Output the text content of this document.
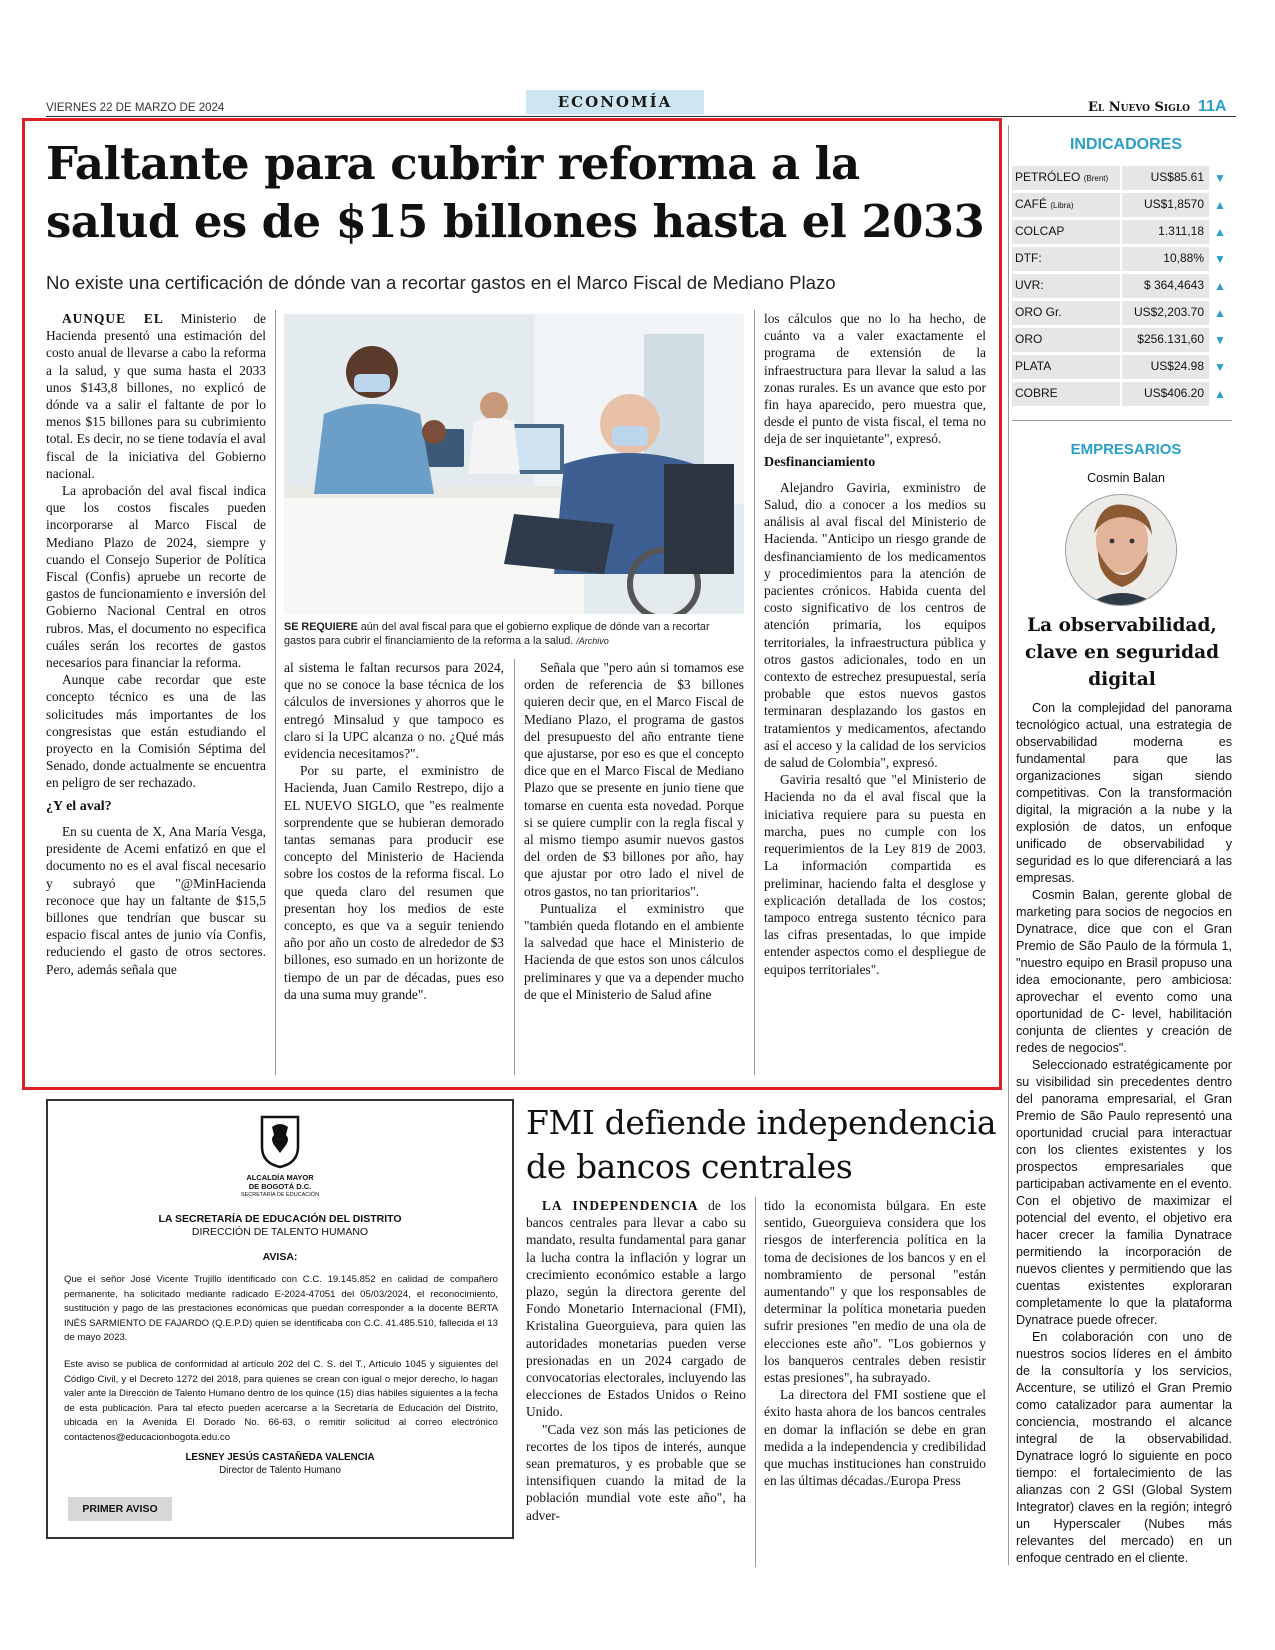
VIERNES 22 DE MARZO DE 2024	ECONOMÍA	El Nuevo Siglo 11A
Faltante para cubrir reforma a la
salud es de $15 billones hasta el 2033
No existe una certificación de dónde van a recortar gastos en el Marco Fiscal de Mediano Plazo

AUNQUE EL Ministerio de Hacienda presentó una estimación del costo anual de llevarse a cabo la reforma a la salud, y que suma hasta el 2033 unos $143,8 billones, no explicó de dónde va a salir el faltante de por lo menos $15 billones para su cubrimiento total. Es decir, no se tiene todavía el aval fiscal de la iniciativa del Gobierno nacional.

La aprobación del aval fiscal indica que los costos fiscales pueden incorporarse al Marco Fiscal de Mediano Plazo de 2024, siempre y cuando el Consejo Superior de Política Fiscal (Confis) apruebe un recorte de gastos de funcionamiento e inversión del Gobierno Nacional Central en otros rubros. Mas, el documento no especifica cuáles serán los recortes de gastos necesarios para financiar la reforma.

Aunque cabe recordar que este concepto técnico es una de las solicitudes más importantes de los congresistas que están estudiando el proyecto en la Comisión Séptima del Senado, donde actualmente se encuentra en peligro de ser rechazado.

¿Y el aval?

En su cuenta de X, Ana María Vesga, presidente de Acemi enfatizó en que el documento no es el aval fiscal necesario y subrayó que "@MinHacienda reconoce que hay un faltante de $15,5 billones que tendrían que buscar su espacio fiscal antes de junio vía Confis, reduciendo el gasto de otros sectores. Pero, además señala que

SE REQUIERE aún del aval fiscal para que el gobierno explique de dónde van a recortar gastos para cubrir el financiamiento de la reforma a la salud. /Archivo

al sistema le faltan recursos para 2024, que no se conoce la base técnica de los cálculos de inversiones y ahorros que le entregó Minsalud y que tampoco es claro si la UPC alcanza o no. ¿Qué más evidencia necesitamos?".

Por su parte, el exministro de Hacienda, Juan Camilo Restrepo, dijo a EL NUEVO SIGLO, que "es realmente sorprendente que se hubieran demorado tantas semanas para producir ese concepto del Ministerio de Hacienda sobre los costos de la reforma fiscal. Lo que queda claro del resumen que presentan hoy los medios de este concepto, es que va a seguir teniendo año por año un costo de alrededor de $3 billones, eso sumado en un horizonte de tiempo de un par de décadas, pues eso da una suma muy grande".

Señala que "pero aún si tomamos ese orden de referencia de $3 billones quieren decir que, en el Marco Fiscal de Mediano Plazo, el programa de gastos del presupuesto del año entrante tiene que ajustarse, por eso es que el concepto dice que en el Marco Fiscal de Mediano Plazo que se presente en junio tiene que tomarse en cuenta esta novedad. Porque si se quiere cumplir con la regla fiscal y al mismo tiempo asumir nuevos gastos del orden de $3 billones por año, hay que ajustar por otro lado el nivel de otros gastos, no tan prioritarios".

Puntualiza el exministro que "también queda flotando en el ambiente la salvedad que hace el Ministerio de Hacienda de que estos son unos cálculos preliminares y que va a depender mucho de que el Ministerio de Salud afine

los cálculos que no lo ha hecho, de cuánto va a valer exactamente el programa de extensión de la infraestructura para llevar la salud a las zonas rurales. Es un avance que esto por fin haya aparecido, pero muestra que, desde el punto de vista fiscal, el tema no deja de ser inquietante", expresó.

Desfinanciamiento

Alejandro Gaviria, exministro de Salud, dio a conocer a los medios su análisis al aval fiscal del Ministerio de Hacienda. "Anticipo un riesgo grande de desfinanciamiento de los medicamentos y procedimientos para la atención de pacientes crónicos. Habida cuenta del costo significativo de los centros de atención primaria, los equipos territoriales, la infraestructura pública y otros gastos adicionales, todo en un contexto de estrechez presupuestal, sería probable que estos nuevos gastos terminaran desplazando los gastos en tratamientos y medicamentos, afectando así el acceso y la calidad de los servicios de salud de Colombia", expresó.

Gaviria resaltó que "el Ministerio de Hacienda no da el aval fiscal que la iniciativa requiere para su puesta en marcha, pues no cumple con los requerimientos de la Ley 819 de 2003. La información compartida es preliminar, haciendo falta el desglose y explicación detallada de los costos; tampoco entrega sustento técnico para las cifras presentadas, lo que impide entender aspectos como el despliegue de equipos territoriales".

INDICADORES
PETRÓLEO (Brent)	US$85.61 ▼
CAFÉ (Libra)	US$1,8570 ▲
COLCAP	1.311,18 ▲
DTF:	10,88% ▼
UVR:	$ 364,4643 ▲
ORO Gr.	US$2,203.70 ▲
ORO	$256.131,60 ▼
PLATA	US$24.98 ▼
COBRE	US$406.20 ▲
EMPRESARIOS
Cosmin Balan
La observabilidad, clave en seguridad digital

Con la complejidad del panorama tecnológico actual, una estrategia de observabilidad moderna es fundamental para que las organizaciones sigan siendo competitivas. Con la transformación digital, la migración a la nube y la explosión de datos, un enfoque unificado de observabilidad y seguridad es lo que diferenciará a las empresas.

Cosmin Balan, gerente global de marketing para socios de negocios en Dynatrace, dice que con el Gran Premio de São Paulo de la fórmula 1, "nuestro equipo en Brasil propuso una idea emocionante, pero ambiciosa: aprovechar el evento como una oportunidad de C- level, habilitación conjunta de clientes y creación de redes de negocios".

Seleccionado estratégicamente por su visibilidad sin precedentes dentro del panorama empresarial, el Gran Premio de São Paulo representó una oportunidad crucial para interactuar con los clientes existentes y los prospectos empresariales que participaban activamente en el evento. Con el objetivo de maximizar el potencial del evento, el objetivo era hacer crecer la familia Dynatrace permitiendo la incorporación de nuevos clientes y permitiendo que las cuentas existentes exploraran completamente lo que la plataforma Dynatrace puede ofrecer.

En colaboración con uno de nuestros socios líderes en el ámbito de la consultoría y los servicios, Accenture, se utilizó el Gran Premio como catalizador para aumentar la conciencia, mostrando el alcance integral de la observabilidad. Dynatrace logró lo siguiente en poco tiempo: el fortalecimiento de las alianzas con 2 GSI (Global System Integrator) claves en la región; integró un Hyperscaler (Nubes más relevantes del mercado) en un enfoque centrado en el cliente.

ALCALDÍA MAYOR
DE BOGOTÁ D.C.
SECRETARÍA DE EDUCACIÓN
LA SECRETARÍA DE EDUCACIÓN DEL DISTRITO
DIRECCIÓN DE TALENTO HUMANO
AVISA:
Que el señor José Vicente Trujillo identificado con C.C. 19.145.852 en calidad de compañero permanente, ha solicitado mediante radicado E-2024-47051 del 05/03/2024, el reconocimiento, sustitución y pago de las prestaciones económicas que puedan corresponder a la docente BERTA INÉS SARMIENTO DE FAJARDO (Q.E.P.D) quien se identificaba con C.C. 41.485.510, fallecida el 13 de mayo 2023.
Este aviso se publica de conformidad al artículo 202 del C. S. del T., Artículo 1045 y siguientes del Código Civil, y el Decreto 1272 del 2018, para quienes se crean con igual o mejor derecho, lo hagan valer ante la Dirección de Talento Humano dentro de los quince (15) días hábiles siguientes a la fecha de esta publicación. Para tal efecto pueden acercarse a la Secretaría de Educación del Distrito, ubicada en la Avenida El Dorado No. 66-63, o remitir solicitud al correo electrónico contactenos@educacionbogota.edu.co
LESNEY JESÚS CASTAÑEDA VALENCIA
Director de Talento Humano
PRIMER AVISO
FMI defiende independencia
de bancos centrales

LA INDEPENDENCIA de los bancos centrales para llevar a cabo su mandato, resulta fundamental para ganar la lucha contra la inflación y lograr un crecimiento económico estable a largo plazo, según la directora gerente del Fondo Monetario Internacional (FMI), Kristalina Gueorguieva, para quien las autoridades monetarias pueden verse presionadas en un 2024 cargado de convocatorias electorales, incluyendo las elecciones de Estados Unidos o Reino Unido.

"Cada vez son más las peticiones de recortes de los tipos de interés, aunque sean prematuros, y es probable que se intensifiquen cuando la mitad de la población mundial vote este año", ha adver-

tido la economista búlgara. En este sentido, Gueorguieva considera que los riesgos de interferencia política en la toma de decisiones de los bancos y en el nombramiento de personal "están aumentando" y que los responsables de determinar la política monetaria pueden sufrir presiones "en medio de una ola de elecciones este año". "Los gobiernos y los banqueros centrales deben resistir estas presiones", ha subrayado.

La directora del FMI sostiene que el éxito hasta ahora de los bancos centrales en domar la inflación se debe en gran medida a la independencia y credibilidad que muchas instituciones han construido en las últimas décadas./Europa Press
